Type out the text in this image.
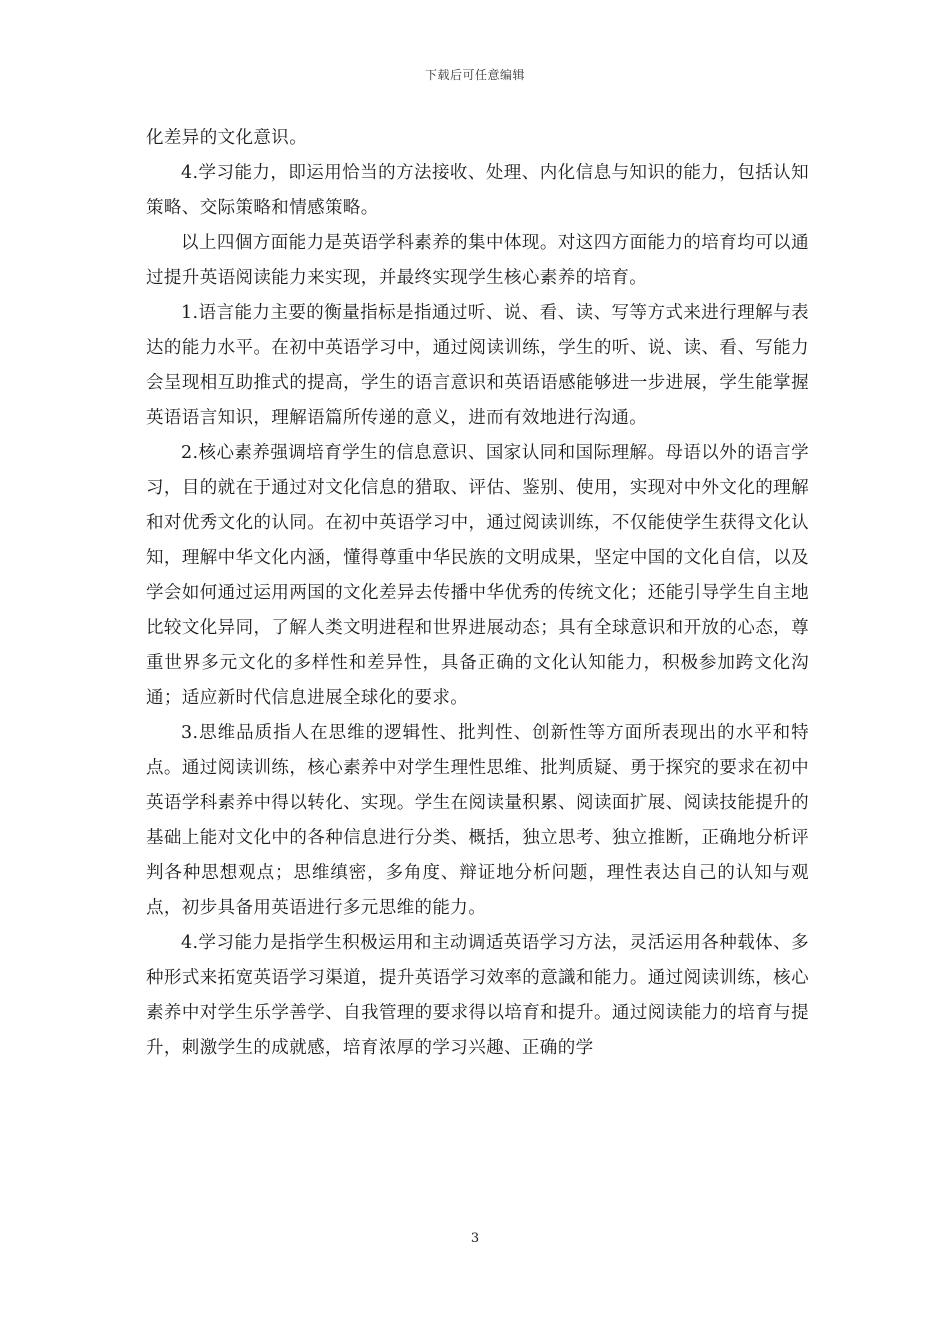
下载后可任意编辑

化差异的文化意识。

4.学习能力，即运用恰当的方法接收、处理、内化信息与知识的能力，包括认知策略、交际策略和情感策略。

以上四個方面能力是英语学科素养的集中体现。对这四方面能力的培育均可以通过提升英语阅读能力来实现，并最终实现学生核心素养的培育。

1.语言能力主要的衡量指标是指通过听、说、看、读、写等方式来进行理解与表达的能力水平。在初中英语学习中，通过阅读训练，学生的听、说、读、看、写能力会呈现相互助推式的提高，学生的语言意识和英语语感能够进一步进展，学生能掌握英语语言知识，理解语篇所传递的意义，进而有效地进行沟通。

2.核心素养强调培育学生的信息意识、国家认同和国际理解。母语以外的语言学习，目的就在于通过对文化信息的猎取、评估、鉴别、使用，实现对中外文化的理解和对优秀文化的认同。在初中英语学习中，通过阅读训练，不仅能使学生获得文化认知，理解中华文化内涵，懂得尊重中华民族的文明成果，坚定中国的文化自信，以及学会如何通过运用两国的文化差异去传播中华优秀的传统文化；还能引导学生自主地比较文化异同，了解人类文明进程和世界进展动态；具有全球意识和开放的心态，尊重世界多元文化的多样性和差异性，具备正确的文化认知能力，积极参加跨文化沟通；适应新时代信息进展全球化的要求。

3.思维品质指人在思维的逻辑性、批判性、创新性等方面所表现出的水平和特点。通过阅读训练，核心素养中对学生理性思维、批判质疑、勇于探究的要求在初中英语学科素养中得以转化、实现。学生在阅读量积累、阅读面扩展、阅读技能提升的基础上能对文化中的各种信息进行分类、概括，独立思考、独立推断，正确地分析评判各种思想观点；思维缜密，多角度、辩证地分析问题，理性表达自己的认知与观点，初步具备用英语进行多元思维的能力。

4.学习能力是指学生积极运用和主动调适英语学习方法，灵活运用各种载体、多种形式来拓宽英语学习渠道，提升英语学习效率的意識和能力。通过阅读训练，核心素养中对学生乐学善学、自我管理的要求得以培育和提升。通过阅读能力的培育与提升，刺激学生的成就感，培育浓厚的学习兴趣、正确的学

3
